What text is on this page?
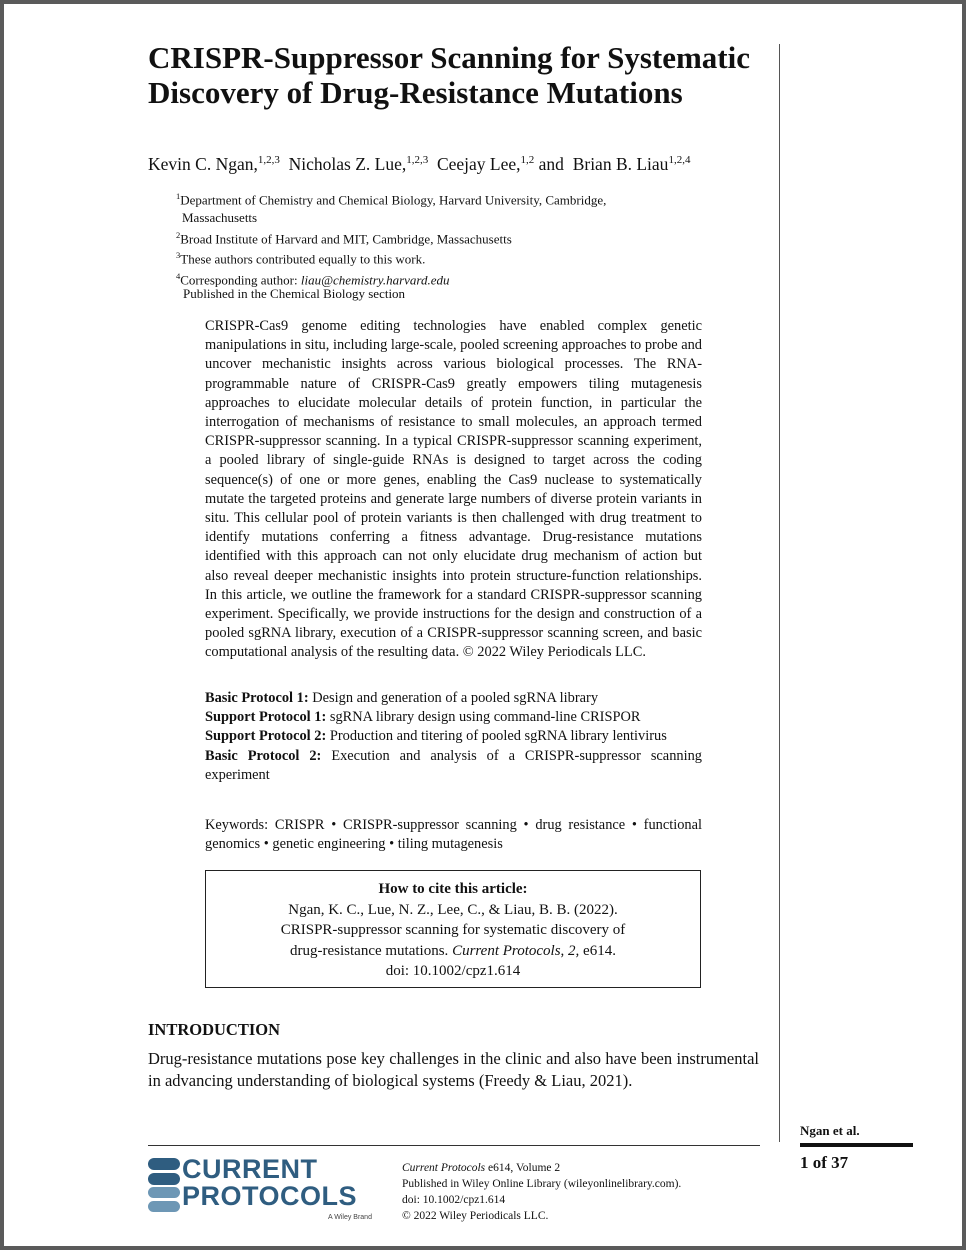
CRISPR-Suppressor Scanning for Systematic Discovery of Drug-Resistance Mutations
Kevin C. Ngan,$^{1,2,3}$ Nicholas Z. Lue,$^{1,2,3}$ Ceejay Lee,$^{1,2}$ and Brian B. Liau$^{1,2,4}$
$^1$Department of Chemistry and Chemical Biology, Harvard University, Cambridge,
Massachusetts
$^2$Broad Institute of Harvard and MIT, Cambridge, Massachusetts
$^3$These authors contributed equally to this work.
$^4$Corresponding author: liau@chemistry.harvard.edu
Published in the Chemical Biology section

CRISPR-Cas9 genome editing technologies have enabled complex genetic manipulations in situ, including large-scale, pooled screening approaches to probe and uncover mechanistic insights across various biological processes. The RNA-programmable nature of CRISPR-Cas9 greatly empowers tiling mutagenesis approaches to elucidate molecular details of protein function, in particular the interrogation of mechanisms of resistance to small molecules, an approach termed CRISPR-suppressor scanning. In a typical CRISPR-suppressor scanning experiment, a pooled library of single-guide RNAs is designed to target across the coding sequence(s) of one or more genes, enabling the Cas9 nuclease to systematically mutate the targeted proteins and generate large numbers of diverse protein variants in situ. This cellular pool of protein variants is then challenged with drug treatment to identify mutations conferring a fitness advantage. Drug-resistance mutations identified with this approach can not only elucidate drug mechanism of action but also reveal deeper mechanistic insights into protein structure-function relationships. In this article, we outline the framework for a standard CRISPR-suppressor scanning experiment. Specifically, we provide instructions for the design and construction of a pooled sgRNA library, execution of a CRISPR-suppressor scanning screen, and basic computational analysis of the resulting data. © 2022 Wiley Periodicals LLC.

Basic Protocol 1: Design and generation of a pooled sgRNA library
Support Protocol 1: sgRNA library design using command-line CRISPOR
Support Protocol 2: Production and titering of pooled sgRNA library lentivirus
Basic Protocol 2: Execution and analysis of a CRISPR-suppressor scanning experiment
Keywords: CRISPR • CRISPR-suppressor scanning • drug resistance • functional genomics • genetic engineering • tiling mutagenesis
How to cite this article:
Ngan, K. C., Lue, N. Z., Lee, C., & Liau, B. B. (2022).
CRISPR-suppressor scanning for systematic discovery of
drug-resistance mutations. Current Protocols, 2, e614.
doi: 10.1002/cpz1.614
INTRODUCTION
Drug-resistance mutations pose key challenges in the clinic and also have been instrumental in advancing understanding of biological systems (Freedy & Liau, 2021).
CURRENT
PROTOCOLS
A Wiley Brand
Current Protocols e614, Volume 2
Published in Wiley Online Library (wileyonlinelibrary.com).
doi: 10.1002/cpz1.614
© 2022 Wiley Periodicals LLC.
Ngan et al.
1 of 37
